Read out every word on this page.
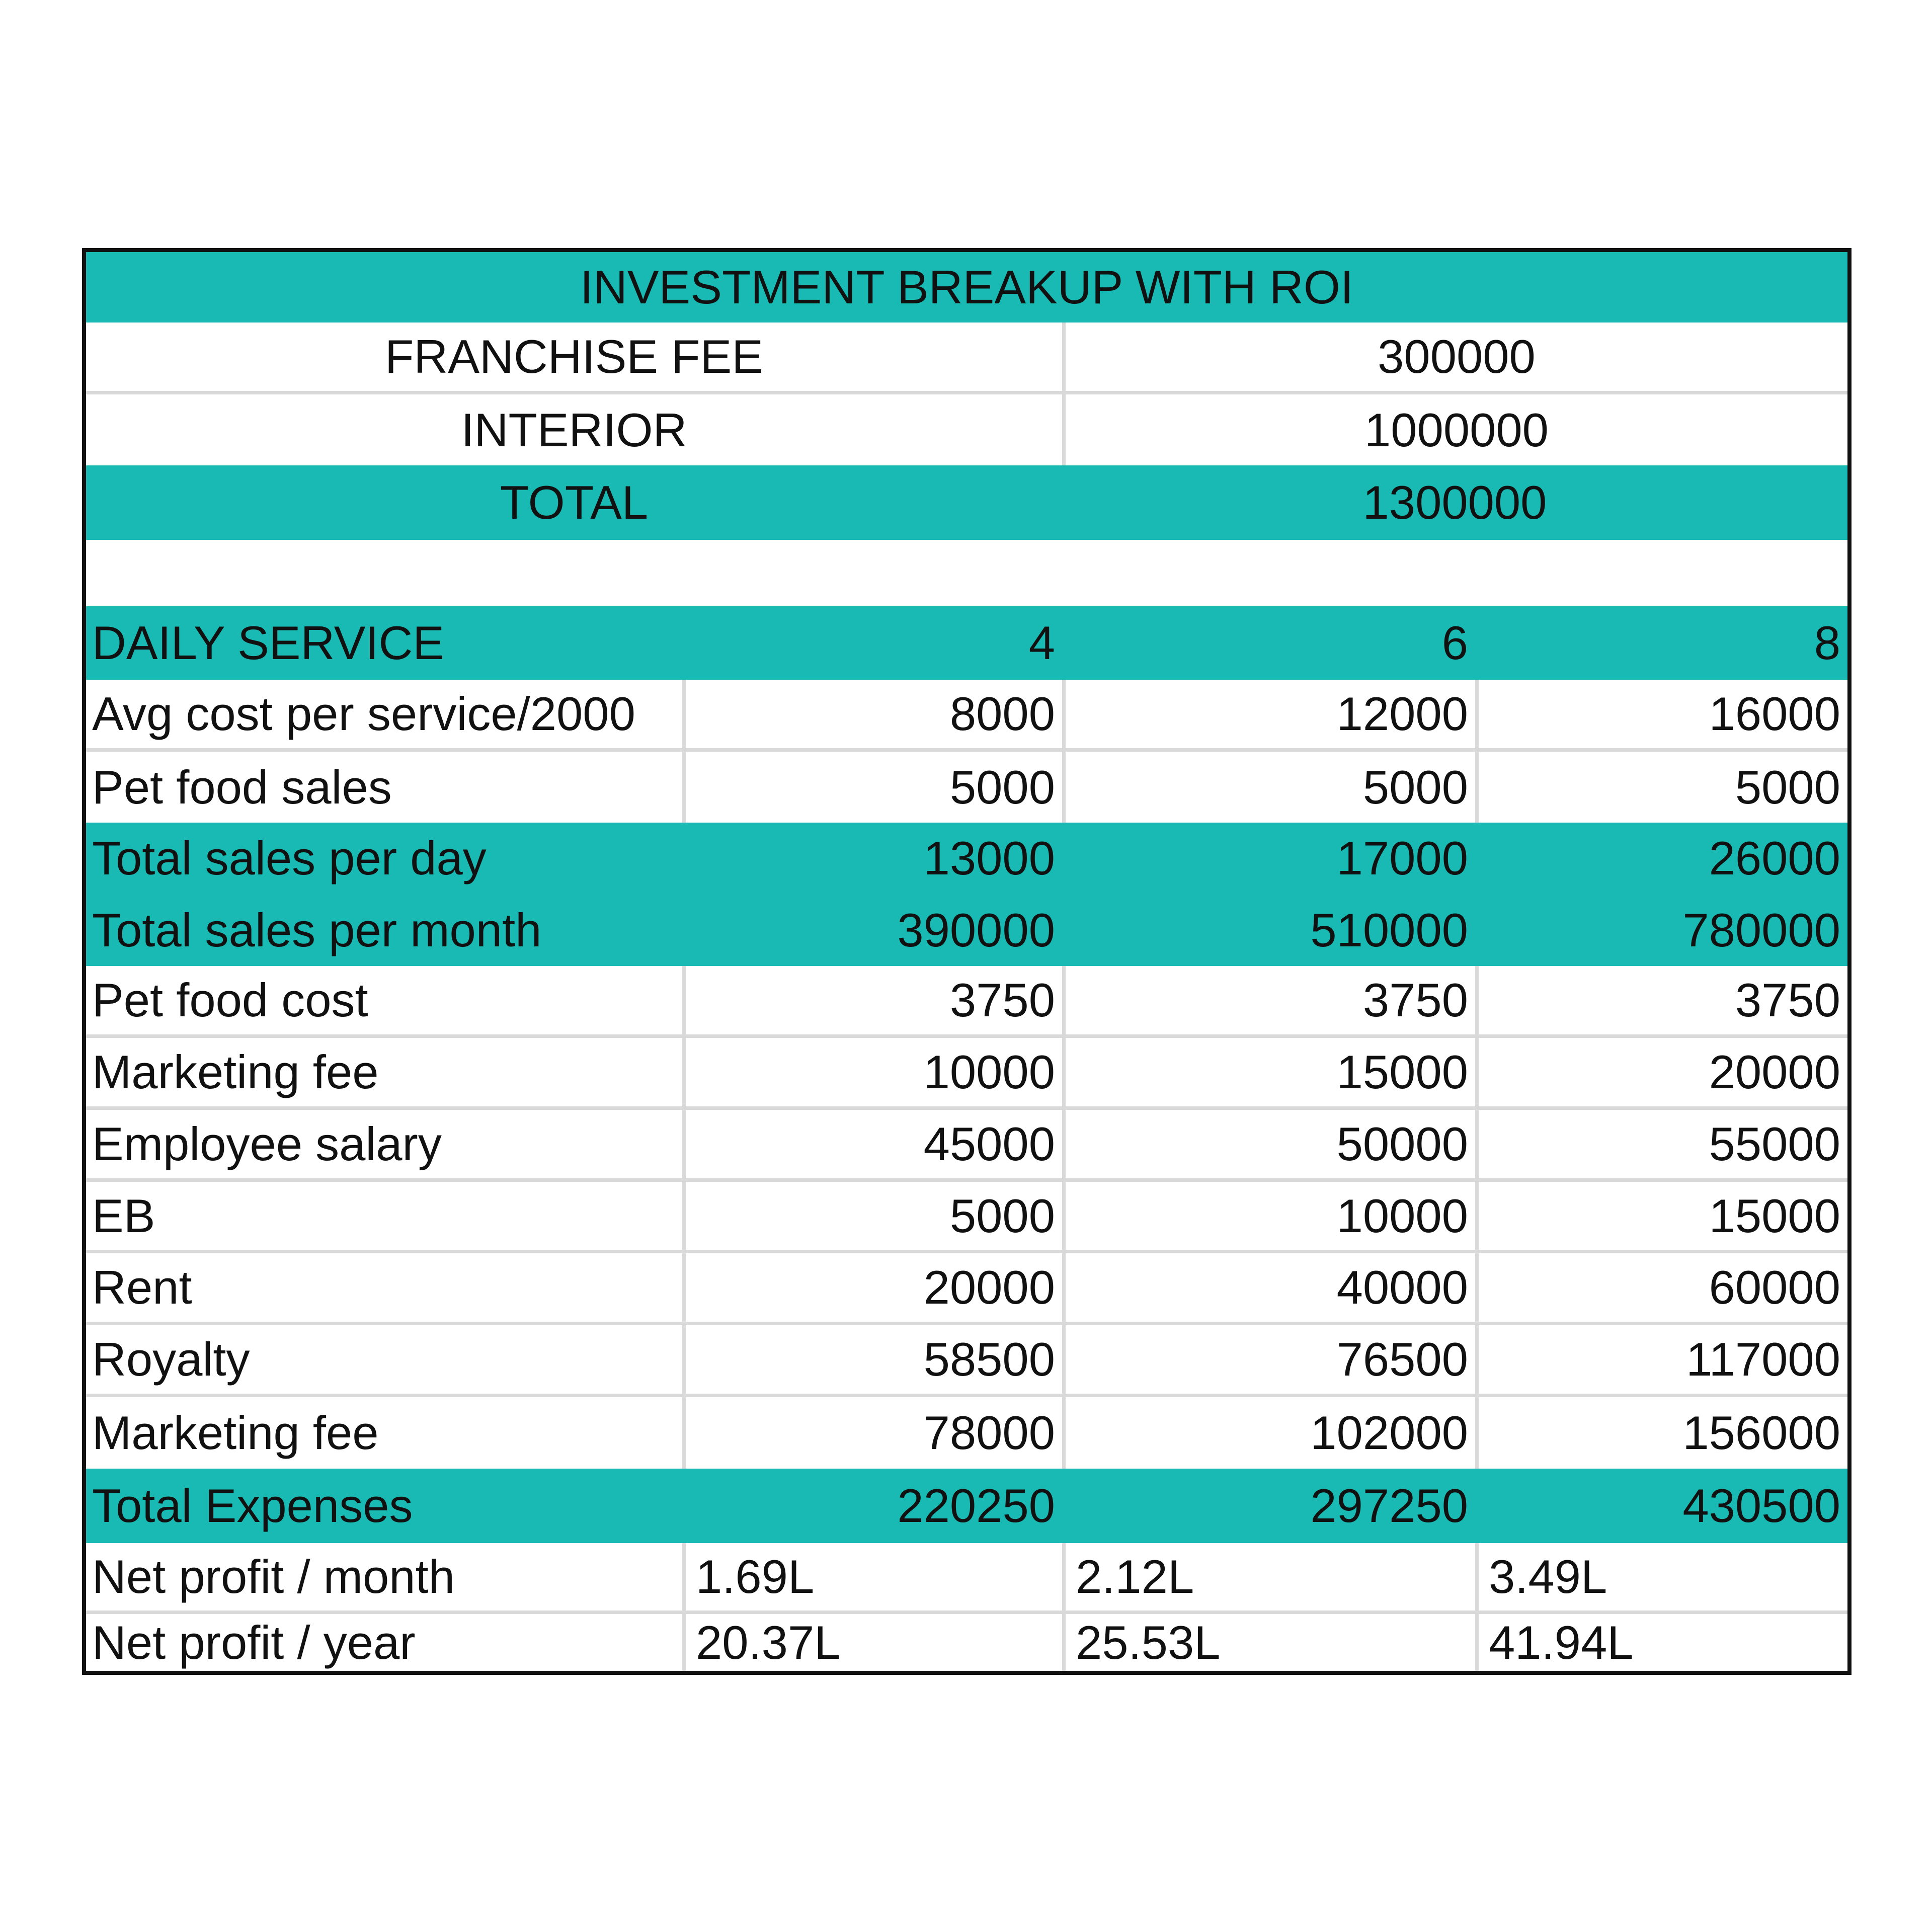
INVESTMENT BREAKUP WITH ROI
FRANCHISE FEE	300000
INTERIOR	1000000
TOTAL	1300000
DAILY SERVICE	4	6	8
Avg cost per service/2000	8000	12000	16000
Pet food sales	5000	5000	5000
Total sales per day	13000	17000	26000
Total sales per month	390000	510000	780000
Pet food cost	3750	3750	3750
Marketing fee	10000	15000	20000
Employee salary	45000	50000	55000
EB	5000	10000	15000
Rent	20000	40000	60000
Royalty	58500	76500	117000
Marketing fee	78000	102000	156000
Total Expenses	220250	297250	430500
Net profit / month	1.69L	2.12L	3.49L
Net profit / year	20.37L	25.53L	41.94L
